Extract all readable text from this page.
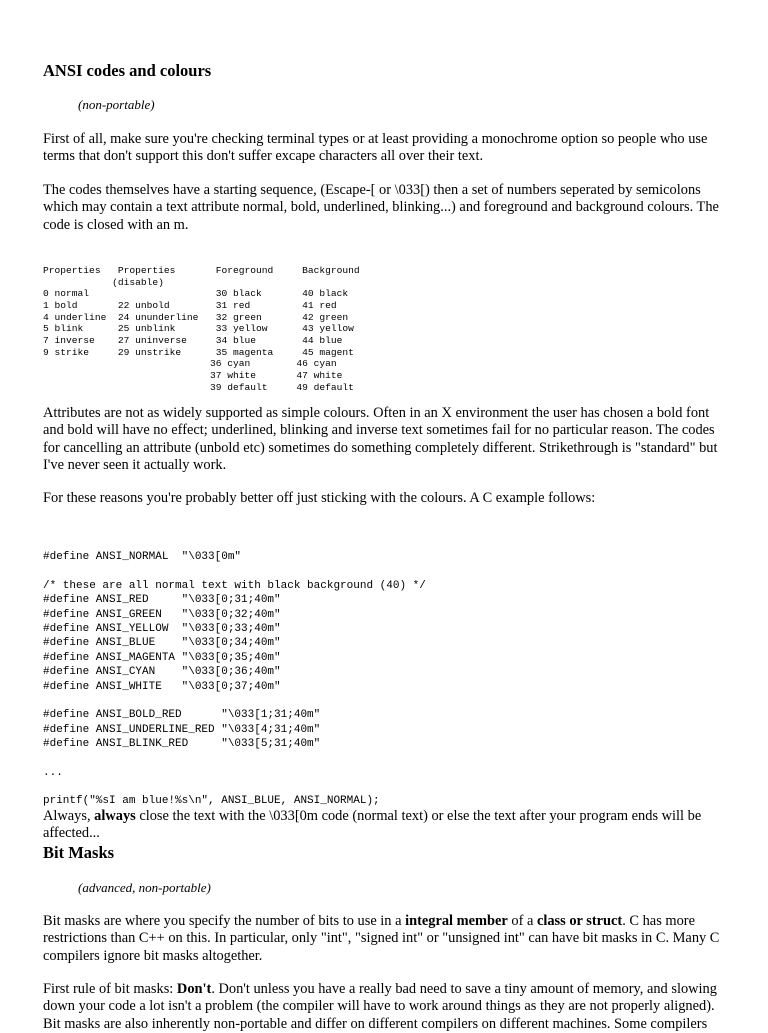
ANSI codes and colours
(non-portable)

First of all, make sure you're checking terminal types or at least providing a monochrome option so people who use terms that don't support this don't suffer excape characters all over their text.

The codes themselves have a starting sequence, (Escape-[ or \033[) then a set of numbers seperated by semicolons which may contain a text attribute normal, bold, underlined, blinking...) and foreground and background colours. The code is closed with an m.

Properties   Properties       Foreground     Background
(disable)
0 normal                      30 black       40 black
1 bold       22 unbold        31 red         41 red
4 underline  24 ununderline   32 green       42 green
5 blink      25 unblink       33 yellow      43 yellow
7 inverse    27 uninverse     34 blue        44 blue
9 strike     29 unstrike      35 magenta     45 magent
36 cyan        46 cyan
37 white       47 white
39 default     49 default

Attributes are not as widely supported as simple colours. Often in an X environment the user has chosen a bold font and bold will have no effect; underlined, blinking and inverse text sometimes fail for no particular reason. The codes for cancelling an attribute (unbold etc) sometimes do something completely different. Strikethrough is "standard" but I've never seen it actually work.

For these reasons you're probably better off just sticking with the colours. A C example follows:

#define ANSI_NORMAL  "\033[0m"

/* these are all normal text with black background (40) */
#define ANSI_RED     "\033[0;31;40m"
#define ANSI_GREEN   "\033[0;32;40m"
#define ANSI_YELLOW  "\033[0;33;40m"
#define ANSI_BLUE    "\033[0;34;40m"
#define ANSI_MAGENTA "\033[0;35;40m"
#define ANSI_CYAN    "\033[0;36;40m"
#define ANSI_WHITE   "\033[0;37;40m"

#define ANSI_BOLD_RED      "\033[1;31;40m"
#define ANSI_UNDERLINE_RED "\033[4;31;40m"
#define ANSI_BLINK_RED     "\033[5;31;40m"

...
printf("%sI am blue!%s\n", ANSI_BLUE, ANSI_NORMAL);

Always, always close the text with the \033[0m code (normal text) or else the text after your program ends will be affected...

Bit Masks
(advanced, non-portable)

Bit masks are where you specify the number of bits to use in a integral member of a class or struct. C has more restrictions than C++ on this. In particular, only "int", "signed int" or "unsigned int" can have bit masks in C. Many C compilers ignore bit masks altogether.

First rule of bit masks: Don't. Don't unless you have a really bad need to save a tiny amount of memory, and slowing down your code a lot isn't a problem (the compiler will have to work around things as they are not properly aligned). Bit masks are also inherently non-portable and differ on different compilers on different machines. Some compilers
